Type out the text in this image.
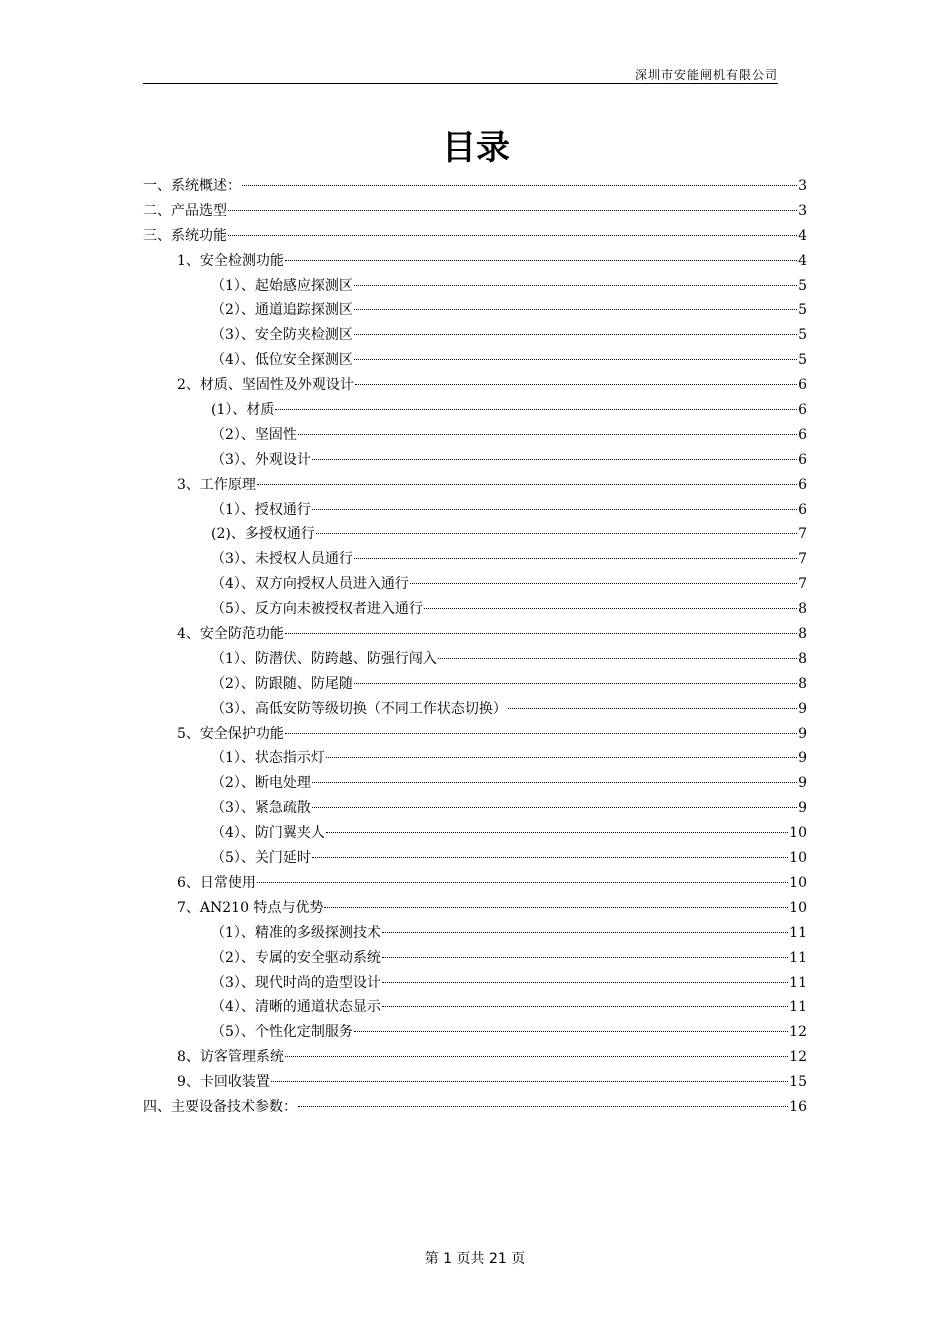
深圳市安能闸机有限公司
目录
一、系统概述：	3
二、产品选型	3
三、系统功能	4
1、安全检测功能	4
（1）、起始感应探测区	5
（2）、通道追踪探测区	5
（3）、安全防夹检测区	5
（4）、低位安全探测区	5
2、材质、坚固性及外观设计	6
(1）、材质	6
（2）、坚固性	6
（3）、外观设计	6
3、工作原理	6
（1）、授权通行	6
(2)、多授权通行	7
（3）、未授权人员通行	7
（4）、双方向授权人员进入通行	7
（5）、反方向未被授权者进入通行	8
4、安全防范功能	8
（1）、防潜伏、防跨越、防强行闯入	8
（2）、防跟随、防尾随	8
（3）、高低安防等级切换（不同工作状态切换）	9
5、安全保护功能	9
（1）、状态指示灯	9
（2）、断电处理	9
（3）、紧急疏散	9
（4）、防门翼夹人	10
（5）、关门延时	10
6、日常使用	10
7、AN210 特点与优势	10
（1）、精准的多级探测技术	11
（2）、专属的安全驱动系统	11
（3）、现代时尚的造型设计	11
（4）、清晰的通道状态显示	11
（5）、个性化定制服务	12
8、访客管理系统	12
9、卡回收装置	15
四、主要设备技术参数：	16
第 1 页共 21 页
